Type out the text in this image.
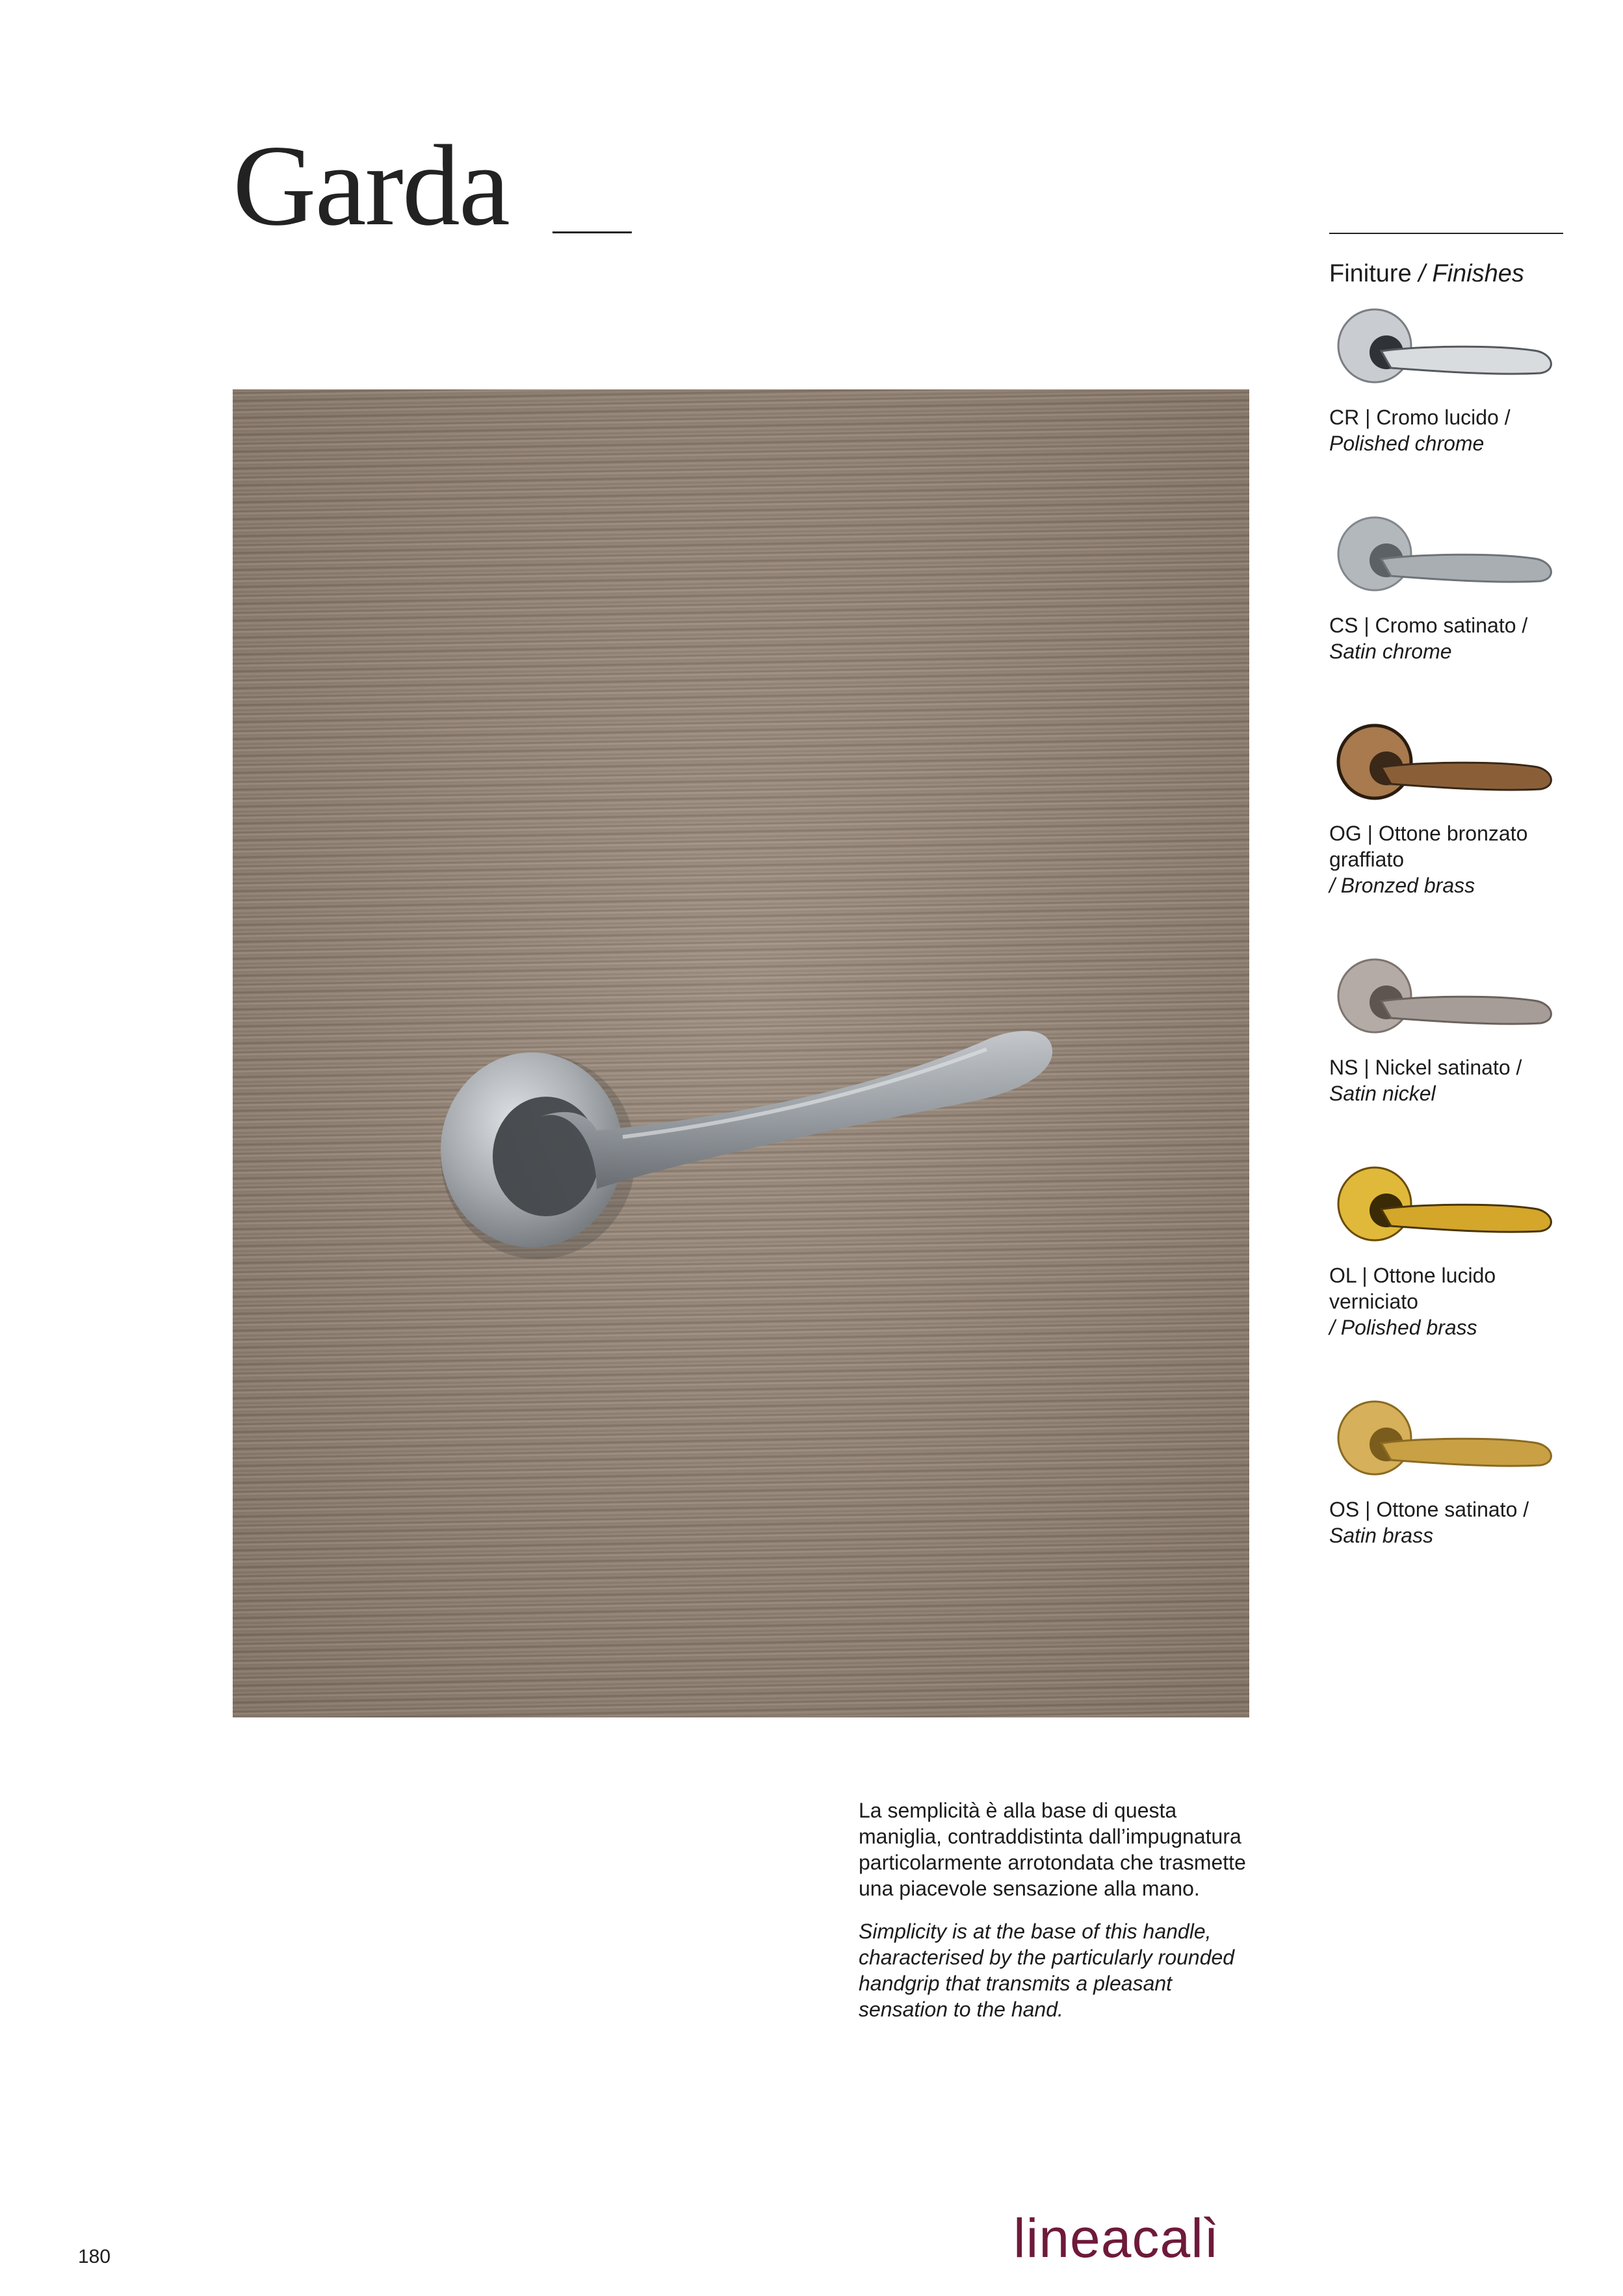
Garda
Finiture / Finishes
CR | Cromo lucido /
Polished chrome
CS | Cromo satinato /
Satin chrome
OG | Ottone bronzato graffiato
/ Bronzed brass
NS | Nickel satinato /
Satin nickel
OL | Ottone lucido verniciato
/ Polished brass
OS | Ottone satinato /
Satin brass

La semplicità è alla base di questa maniglia, contraddistinta dall’impugnatura particolarmente arrotondata che trasmette una piacevole sensazione alla mano.

Simplicity is at the base of this handle, characterised by the particularly rounded handgrip that transmits a pleasant sensation to the hand.

180	lineacalì
